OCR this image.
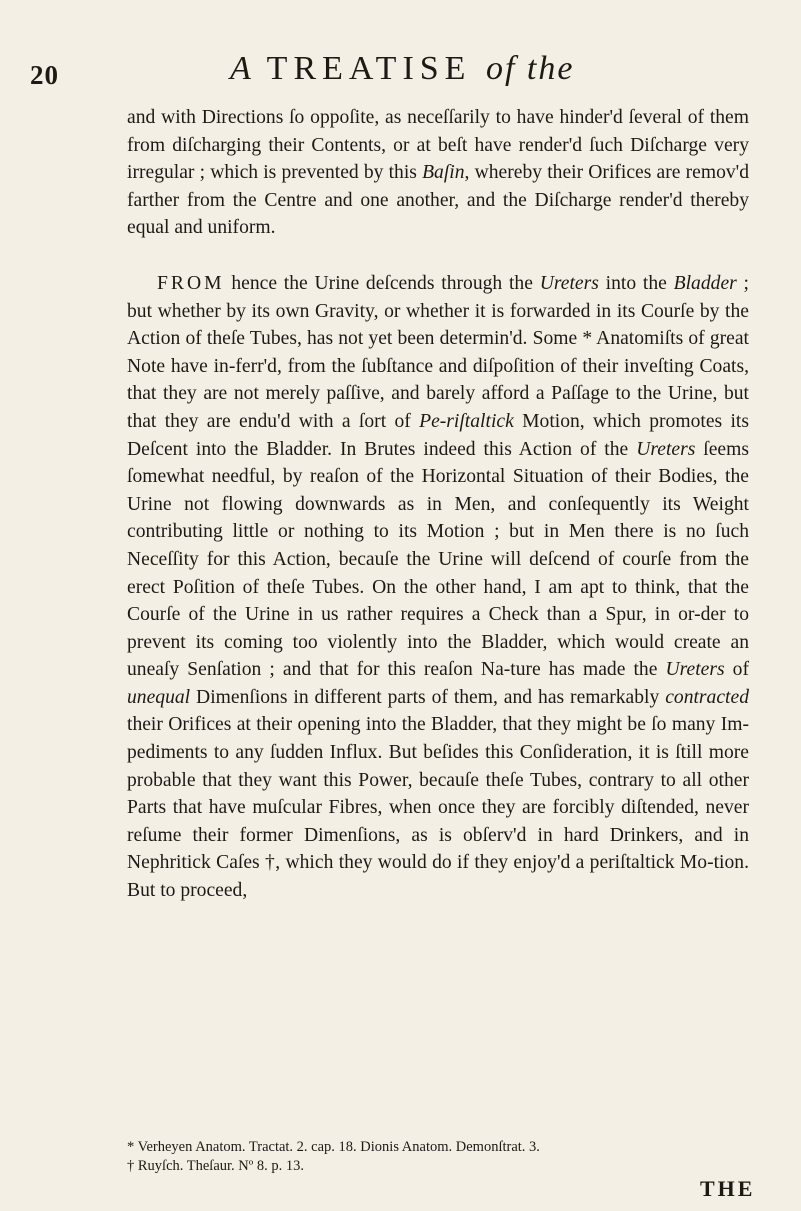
20	A TREATISE of the

and with Directions ſo oppoſite, as neceſſarily to have hinder'd ſeveral of them from diſcharging their Contents, or at beſt have render'd ſuch Diſcharge very irregular ; which is prevented by this Baſin, whereby their Orifices are remov'd farther from the Centre and one another, and the Diſcharge render'd thereby equal and uniform.

FROM hence the Urine deſcends through the Ureters into the Bladder ; but whether by its own Gravity, or whether it is forwarded in its Courſe by the Action of theſe Tubes, has not yet been determin'd. Some * Anatomiſts of great Note have in-ferr'd, from the ſubſtance and diſpoſition of their inveſting Coats, that they are not merely paſſive, and barely afford a Paſſage to the Urine, but that they are endu'd with a ſort of Pe-riſtaltick Motion, which promotes its Deſcent into the Bladder. In Brutes indeed this Action of the Ureters ſeems ſomewhat needful, by reaſon of the Horizontal Situation of their Bodies, the Urine not flowing downwards as in Men, and conſequently its Weight contributing little or nothing to its Motion ; but in Men there is no ſuch Neceſſity for this Action, becauſe the Urine will deſcend of courſe from the erect Poſition of theſe Tubes. On the other hand, I am apt to think, that the Courſe of the Urine in us rather requires a Check than a Spur, in or-der to prevent its coming too violently into the Bladder, which would create an uneaſy Senſation ; and that for this reaſon Na-ture has made the Ureters of unequal Dimenſions in different parts of them, and has remarkably contracted their Orifices at their opening into the Bladder, that they might be ſo many Im-pediments to any ſudden Influx. But beſides this Conſideration, it is ſtill more probable that they want this Power, becauſe theſe Tubes, contrary to all other Parts that have muſcular Fibres, when once they are forcibly diſtended, never reſume their former Dimenſions, as is obſerv'd in hard Drinkers, and in Nephritick Caſes †, which they would do if they enjoy'd a periſtaltick Mo-tion. But to proceed,

* Verheyen Anatom. Tractat. 2. cap. 18. Dionis Anatom. Demonſtrat. 3.
† Ruyſch. Theſaur. Nº 8. p. 13.
THE
